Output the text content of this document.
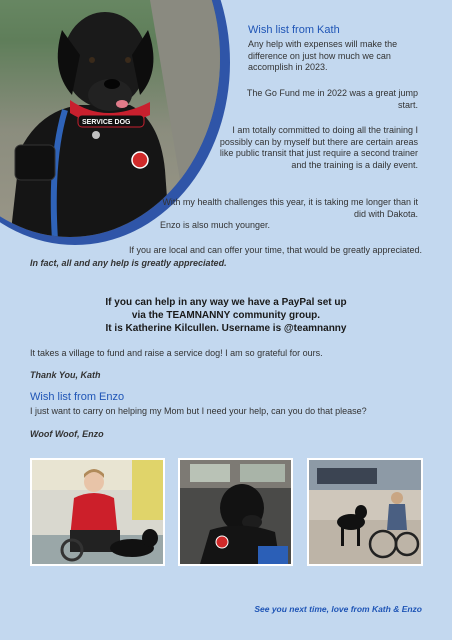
SERVICE DOG
Wish list from Kath

Any help with expenses will make the difference on just how much we can accomplish in 2023.

The Go Fund me in 2022 was a great jump start.

I am totally committed to doing all the training I possibly can by myself but there are certain areas like public transit that just require a second trainer and the training is a daily event.

With my health challenges this year, it is taking me longer than it did with Dakota.

Enzo is also much younger.

If you are local and can offer your time, that would be greatly appreciated.

In fact, all and any help is greatly appreciated.

If you can help in any way we have a PayPal set up
via the TEAMNANNY community group.
It is Katherine Kilcullen. Username is @teamnanny

It takes a village to fund and raise a service dog! I am so grateful for ours.

Thank You, Kath

Wish list from Enzo

I just want to carry on helping my Mom but I need your help, can you do that please?

Woof Woof, Enzo

See you next time, love from Kath & Enzo
